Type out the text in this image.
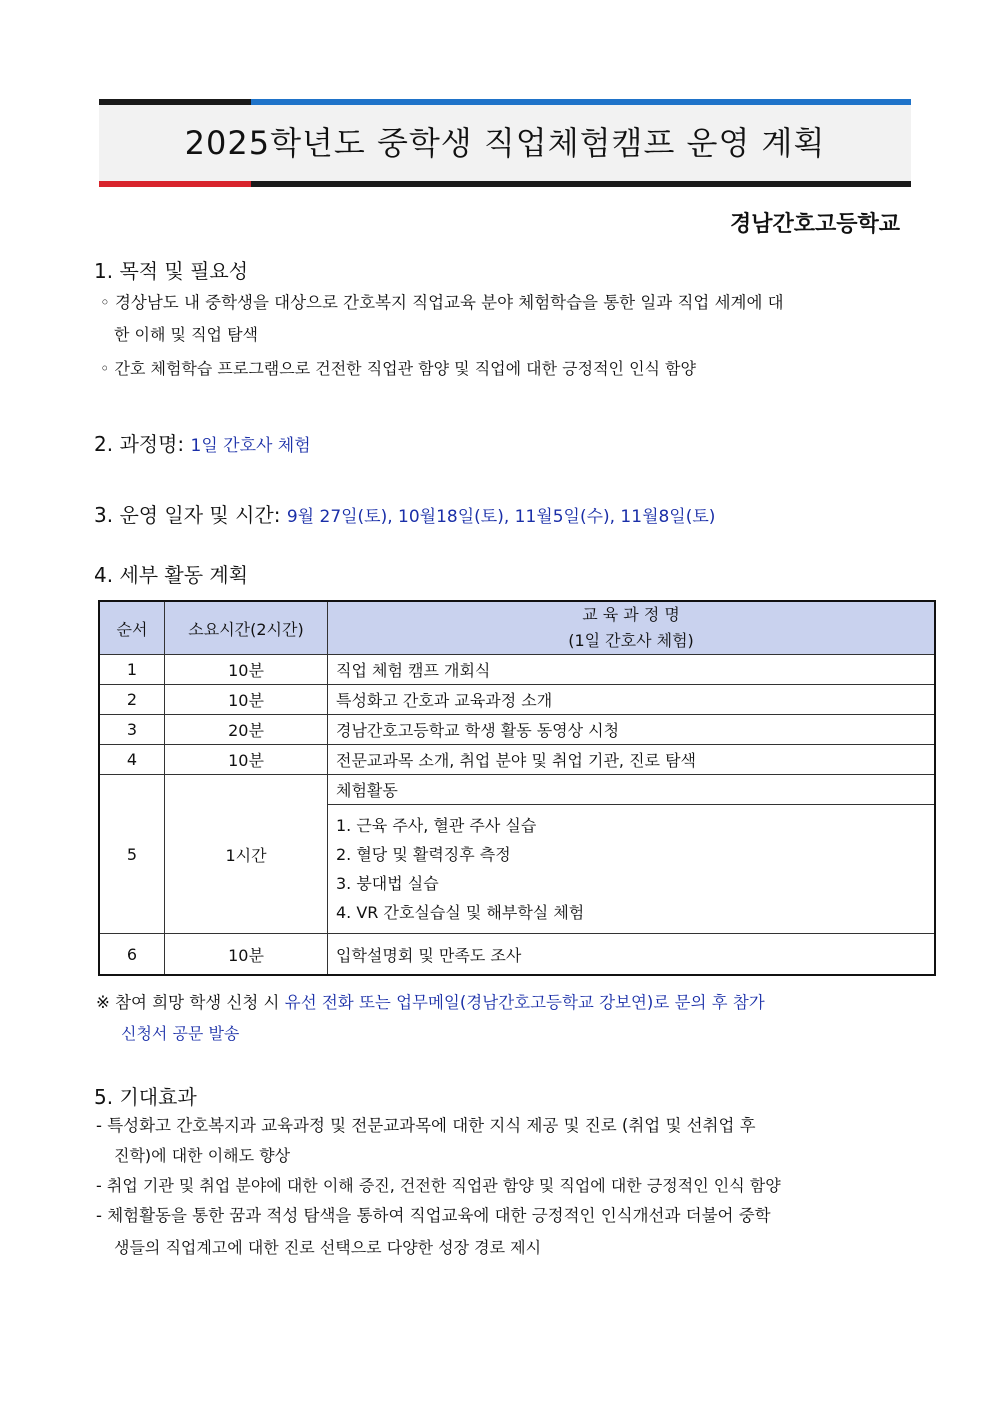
2025학년도 중학생 직업체험캠프 운영 계획
경남간호고등학교
1. 목적 및 필요성
◦ 경상남도 내 중학생을 대상으로 간호복지 직업교육 분야 체험학습을 통한 일과 직업 세계에 대
한 이해 및 직업 탐색
◦ 간호 체험학습 프로그램으로 건전한 직업관 함양 및 직업에 대한 긍정적인 인식 함양
2. 과정명: 1일 간호사 체험
3. 운영 일자 및 시간: 9월 27일(토), 10월18일(토), 11월5일(수), 11월8일(토)
4. 세부 활동 계획
순서	소요시간(2시간)	교 육 과 정 명
(1일 간호사 체험)

1	10분	직업 체험 캠프 개회식
2	10분	특성화고 간호과 교육과정 소개
3	20분	경남간호고등학교 학생 활동 동영상 시청
4	10분	전문교과목 소개, 취업 분야 및 취업 기관, 진로 탐색
5	1시간	체험활동

		1. 근육 주사, 혈관 주사 실습
2. 혈당 및 활력징후 측정
3. 붕대법 실습
4. VR 간호실습실 및 해부학실 체험

6	10분	입학설명회 및 만족도 조사
※ 참여 희망 학생 신청 시 유선 전화 또는 업무메일(경남간호고등학교 강보연)로 문의 후 참가
신청서 공문 발송
5. 기대효과
- 특성화고 간호복지과 교육과정 및 전문교과목에 대한 지식 제공 및 진로 (취업 및 선취업 후
진학)에 대한 이해도 향상
- 취업 기관 및 취업 분야에 대한 이해 증진, 건전한 직업관 함양 및 직업에 대한 긍정적인 인식 함양
- 체험활동을 통한 꿈과 적성 탐색을 통하여 직업교육에 대한 긍정적인 인식개선과 더불어 중학
생들의 직업계고에 대한 진로 선택으로 다양한 성장 경로 제시
